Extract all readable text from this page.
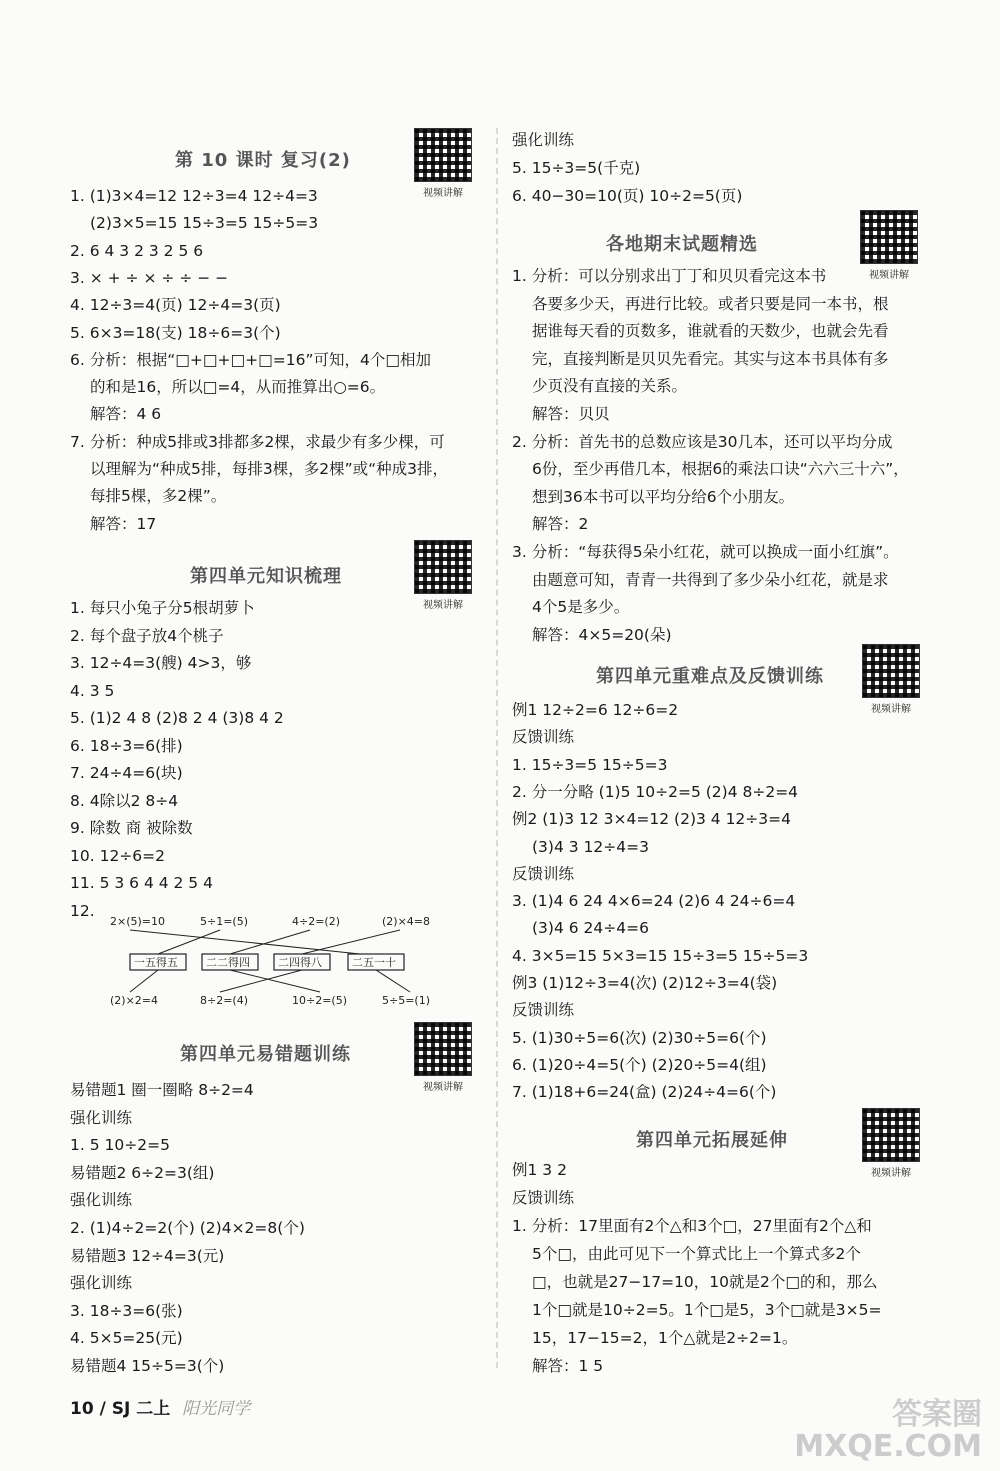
第 10 课时 复习(2)
视频讲解
1. (1)3×4=12 12÷3=4 12÷4=3
(2)3×5=15 15÷3=5 15÷5=3
2. 6 4 3 2 3 2 5 6
3. × + ÷ × ÷ ÷ − −
4. 12÷3=4(页) 12÷4=3(页)
5. 6×3=18(支) 18÷6=3(个)
6. 分析：根据“□+□+□+□=16”可知，4个□相加
的和是16，所以□=4，从而推算出○=6。
解答：4 6
7. 分析：种成5排或3排都多2棵，求最少有多少棵，可
以理解为“种成5排，每排3棵，多2棵”或“种成3排，
每排5棵，多2棵”。
解答：17
第四单元知识梳理
视频讲解
1. 每只小兔子分5根胡萝卜
2. 每个盘子放4个桃子
3. 12÷4=3(艘) 4>3，够
4. 3 5
5. (1)2 4 8 (2)8 2 4 (3)8 4 2
6. 18÷3=6(排)
7. 24÷4=6(块)
8. 4除以2 8÷4
9. 除数 商 被除数
10. 12÷6=2
11. 5 3 6 4 4 2 5 4
12.
2×(5)=10	5÷1=(5)	4÷2=(2)	(2)×4=8
一五得五	二二得四	二四得八	二五一十
(2)×2=4	8÷2=(4)	10÷2=(5)	5÷5=(1)
第四单元易错题训练
视频讲解
易错题1 圈一圈略 8÷2=4
强化训练
1. 5 10÷2=5
易错题2 6÷2=3(组)
强化训练
2. (1)4÷2=2(个) (2)4×2=8(个)
易错题3 12÷4=3(元)
强化训练
3. 18÷3=6(张)
4. 5×5=25(元)
易错题4 15÷5=3(个)
强化训练
5. 15÷3=5(千克)
6. 40−30=10(页) 10÷2=5(页)
各地期末试题精选
视频讲解
1. 分析：可以分别求出丁丁和贝贝看完这本书
各要多少天，再进行比较。或者只要是同一本书，根
据谁每天看的页数多，谁就看的天数少，也就会先看
完，直接判断是贝贝先看完。其实与这本书具体有多
少页没有直接的关系。
解答：贝贝
2. 分析：首先书的总数应该是30几本，还可以平均分成
6份，至少再借几本，根据6的乘法口诀“六六三十六”，
想到36本书可以平均分给6个小朋友。
解答：2
3. 分析：“每获得5朵小红花，就可以换成一面小红旗”。
由题意可知，青青一共得到了多少朵小红花，就是求
4个5是多少。
解答：4×5=20(朵)
第四单元重难点及反馈训练
视频讲解
例1 12÷2=6 12÷6=2
反馈训练
1. 15÷3=5 15÷5=3
2. 分一分略 (1)5 10÷2=5 (2)4 8÷2=4
例2 (1)3 12 3×4=12 (2)3 4 12÷3=4
(3)4 3 12÷4=3
反馈训练
3. (1)4 6 24 4×6=24 (2)6 4 24÷6=4
(3)4 6 24÷4=6
4. 3×5=15 5×3=15 15÷3=5 15÷5=3
例3 (1)12÷3=4(次) (2)12÷3=4(袋)
反馈训练
5. (1)30÷5=6(次) (2)30÷5=6(个)
6. (1)20÷4=5(个) (2)20÷5=4(组)
7. (1)18+6=24(盒) (2)24÷4=6(个)
第四单元拓展延伸
视频讲解
例1 3 2
反馈训练
1. 分析：17里面有2个△和3个□，27里面有2个△和
5个□，由此可见下一个算式比上一个算式多2个
□，也就是27−17=10，10就是2个□的和，那么
1个□就是10÷2=5。1个□是5，3个□就是3×5=
15，17−15=2，1个△就是2÷2=1。
解答：1 5
10 / SJ 二上 阳光同学	答案圈
MXQE.COM
